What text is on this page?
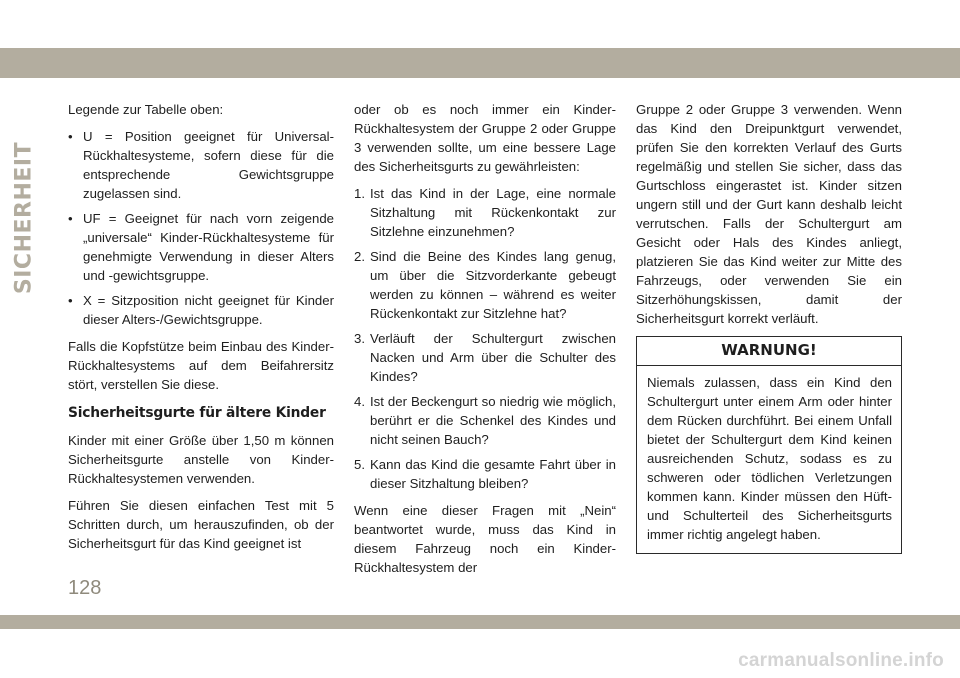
SICHERHEIT

Legende zur Tabelle oben:

• U = Position geeignet für Universal-Rückhaltesysteme, sofern diese für die entsprechende Gewichtsgruppe zugelassen sind.
• UF = Geeignet für nach vorn zeigende „universale“ Kinder-Rückhaltesysteme für genehmigte Verwendung in dieser Alters und -gewichtsgruppe.
• X = Sitzposition nicht geeignet für Kinder dieser Alters-/Gewichtsgruppe.

Falls die Kopfstütze beim Einbau des Kinder-Rückhaltesystems auf dem Beifahrersitz stört, verstellen Sie diese.

Sicherheitsgurte für ältere Kinder

Kinder mit einer Größe über 1,50 m können Sicherheitsgurte anstelle von Kinder-Rückhaltesystemen verwenden.

Führen Sie diesen einfachen Test mit 5 Schritten durch, um herauszufinden, ob der Sicherheitsgurt für das Kind geeignet ist

oder ob es noch immer ein Kinder-Rückhaltesystem der Gruppe 2 oder Gruppe 3 verwenden sollte, um eine bessere Lage des Sicherheitsgurts zu gewährleisten:

1. Ist das Kind in der Lage, eine normale Sitzhaltung mit Rückenkontakt zur Sitzlehne einzunehmen?
2. Sind die Beine des Kindes lang genug, um über die Sitzvorderkante gebeugt werden zu können – während es weiter Rückenkontakt zur Sitzlehne hat?
3. Verläuft der Schultergurt zwischen Nacken und Arm über die Schulter des Kindes?
4. Ist der Beckengurt so niedrig wie möglich, berührt er die Schenkel des Kindes und nicht seinen Bauch?
5. Kann das Kind die gesamte Fahrt über in dieser Sitzhaltung bleiben?

Wenn eine dieser Fragen mit „Nein“ beantwortet wurde, muss das Kind in diesem Fahrzeug noch ein Kinder-Rückhaltesystem der

Gruppe 2 oder Gruppe 3 verwenden. Wenn das Kind den Dreipunktgurt verwendet, prüfen Sie den korrekten Verlauf des Gurts regelmäßig und stellen Sie sicher, dass das Gurtschloss eingerastet ist. Kinder sitzen ungern still und der Gurt kann deshalb leicht verrutschen. Falls der Schultergurt am Gesicht oder Hals des Kindes anliegt, platzieren Sie das Kind weiter zur Mitte des Fahrzeugs, oder verwenden Sie ein Sitzerhöhungskissen, damit der Sicherheitsgurt korrekt verläuft.

WARNUNG!
Niemals zulassen, dass ein Kind den Schultergurt unter einem Arm oder hinter dem Rücken durchführt. Bei einem Unfall bietet der Schultergurt dem Kind keinen ausreichenden Schutz, sodass es zu schweren oder tödlichen Verletzungen kommen kann. Kinder müssen den Hüft- und Schulterteil des Sicherheitsgurts immer richtig angelegt haben.
128
carmanualsonline.info
